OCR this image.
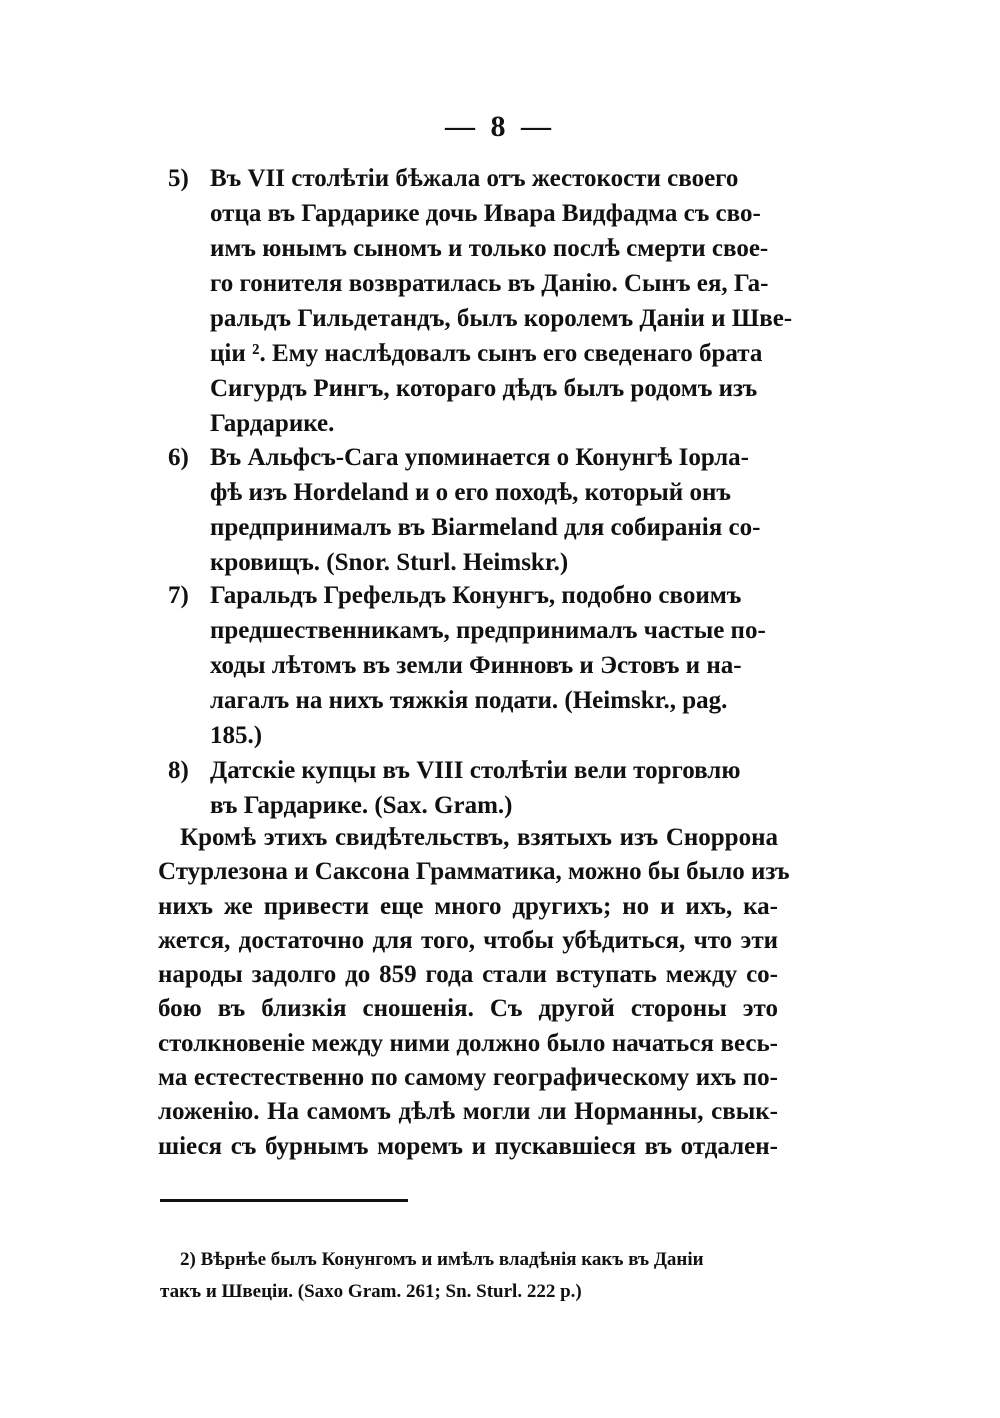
— 8 —
5) Въ VII столѣтіи бѣжала отъ жестокости своего
отца въ Гардарике дочь Ивара Видфадма съ сво-
имъ юнымъ сыномъ и только послѣ смерти свое-
го гонителя возвратилась въ Данію. Сынъ ея, Га-
ральдъ Гильдетандъ, былъ королемъ Даніи и Шве-
ціи ². Ему наслѣдовалъ сынъ его сведенаго брата
Сигурдъ Рингъ, котораго дѣдъ былъ родомъ изъ
Гардарике.
6) Въ Альфсъ-Сага упоминается о Конунгѣ Іорла-
фѣ изъ Hordeland и о его походѣ, который онъ
предпринималъ въ Biarmeland для собиранія со-
кровищъ. (Snor. Sturl. Heimskr.)
7) Гаральдъ Грефельдъ Конунгъ, подобно своимъ
предшественникамъ, предпринималъ частые по-
ходы лѣтомъ въ земли Финновъ и Эстовъ и на-
лагалъ на нихъ тяжкія подати. (Heimskr., pag.
185.)
8) Датскіе купцы въ VIII столѣтіи вели торговлю
въ Гардарике. (Sax. Gram.)
Кромѣ этихъ свидѣтельствъ, взятыхъ изъ Сноррона
Стурлезона и Саксона Грамматика, можно бы было изъ
нихъ же привести еще много другихъ; но и ихъ, ка-
жется, достаточно для того, чтобы убѣдиться, что эти
народы задолго до 859 года стали вступать между со-
бою въ близкія сношенія. Съ другой стороны это
столкновеніе между ними должно было начаться весь-
ма естестественно по самому географическому ихъ по-
ложенію. На самомъ дѣлѣ могли ли Норманны, свык-
шіеся съ бурнымъ моремъ и пускавшіеся въ отдален-
2) Вѣрнѣе былъ Конунгомъ и имѣлъ владѣнія какъ въ Даніи
такъ и Швеціи. (Saxo Gram. 261; Sn. Sturl. 222 p.)
